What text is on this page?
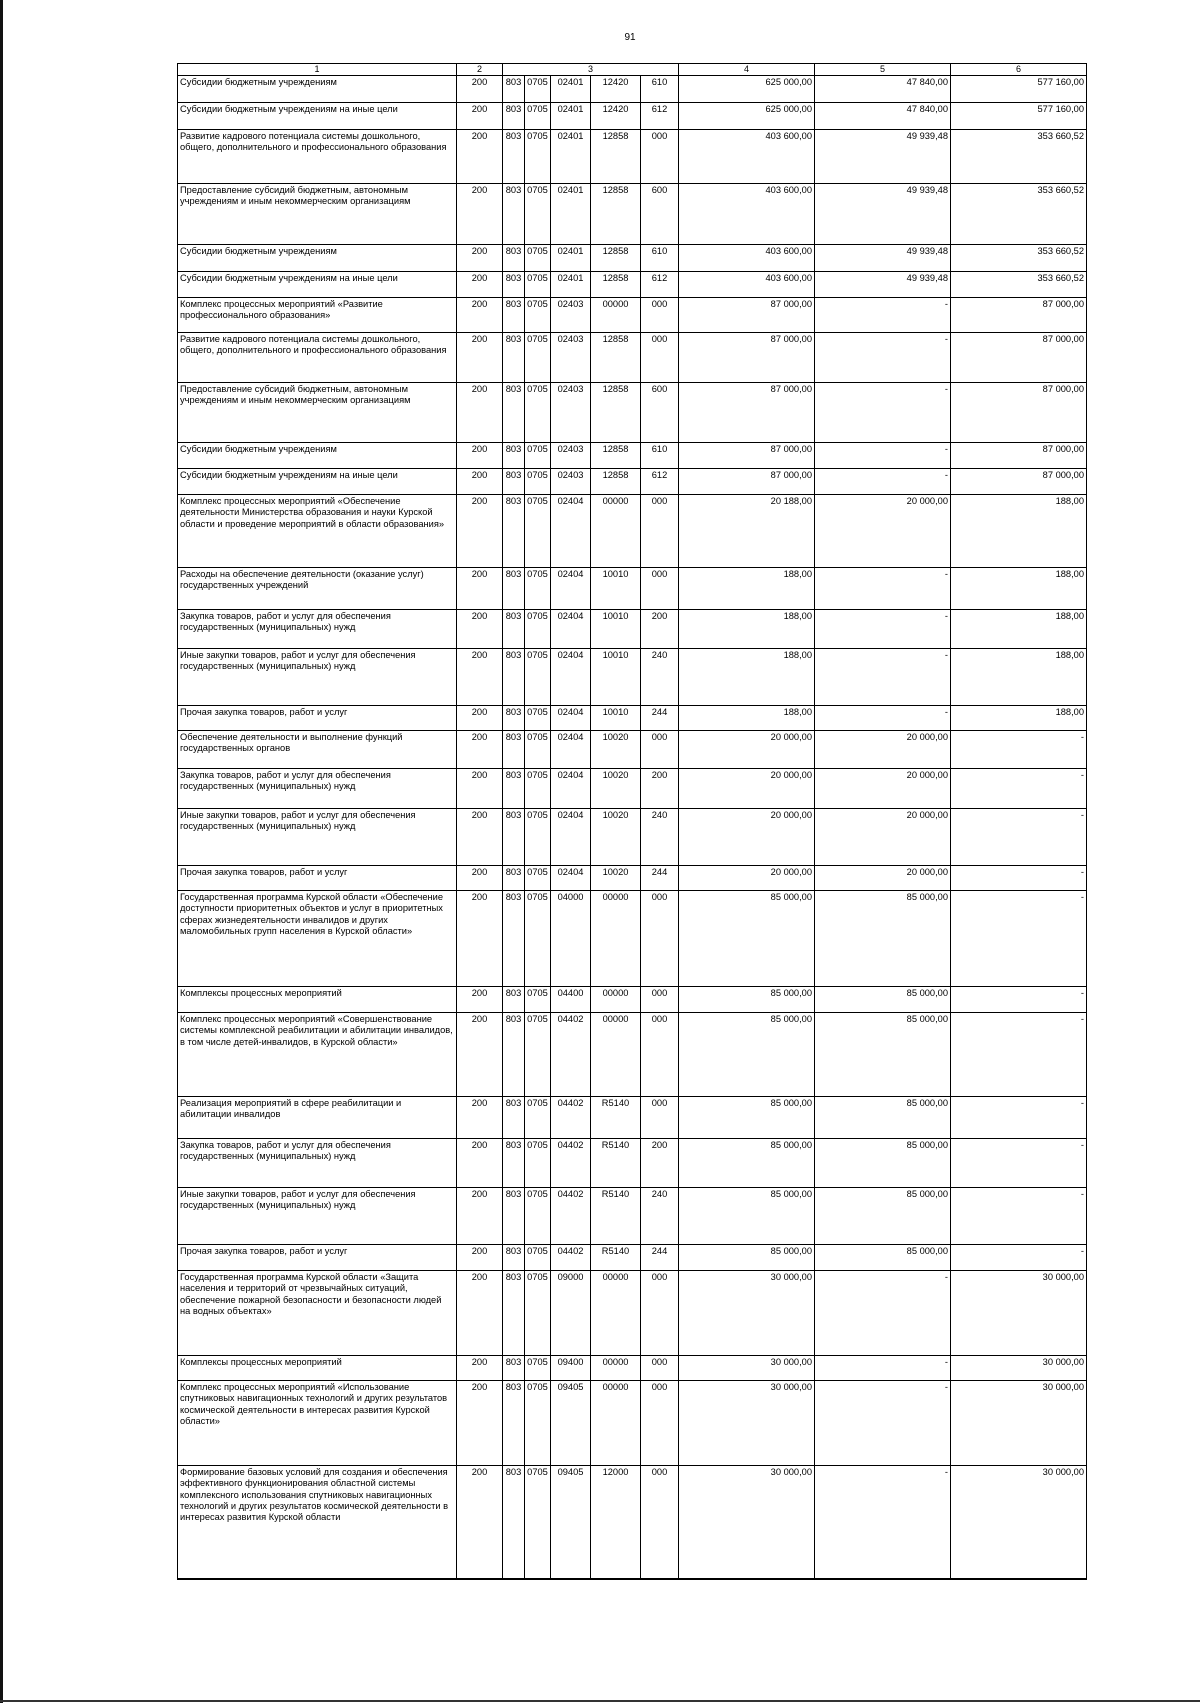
91
1	2	3					4	5	6
Субсидии бюджетным учреждениям	200	803	0705	02401	12420	610	625 000,00	47 840,00	577 160,00
Субсидии бюджетным учреждениям на иные цели	200	803	0705	02401	12420	612	625 000,00	47 840,00	577 160,00
Развитие кадрового потенциала системы дошкольного, общего, дополнительного и профессионального образования	200	803	0705	02401	12858	000	403 600,00	49 939,48	353 660,52
Предоставление субсидий бюджетным, автономным учреждениям и иным некоммерческим организациям	200	803	0705	02401	12858	600	403 600,00	49 939,48	353 660,52
Субсидии бюджетным учреждениям	200	803	0705	02401	12858	610	403 600,00	49 939,48	353 660,52
Субсидии бюджетным учреждениям на иные цели	200	803	0705	02401	12858	612	403 600,00	49 939,48	353 660,52
Комплекс процессных мероприятий «Развитие профессионального образования»	200	803	0705	02403	00000	000	87 000,00	-	87 000,00
Развитие кадрового потенциала системы дошкольного, общего, дополнительного и профессионального образования	200	803	0705	02403	12858	000	87 000,00	-	87 000,00
Предоставление субсидий бюджетным, автономным учреждениям и иным некоммерческим организациям	200	803	0705	02403	12858	600	87 000,00	-	87 000,00
Субсидии бюджетным учреждениям	200	803	0705	02403	12858	610	87 000,00	-	87 000,00
Субсидии бюджетным учреждениям на иные цели	200	803	0705	02403	12858	612	87 000,00	-	87 000,00
Комплекс процессных мероприятий «Обеспечение деятельности Министерства образования и науки Курской области и проведение мероприятий в области образования»	200	803	0705	02404	00000	000	20 188,00	20 000,00	188,00
Расходы на обеспечение деятельности (оказание услуг) государственных учреждений	200	803	0705	02404	10010	000	188,00	-	188,00
Закупка товаров, работ и услуг для обеспечения государственных (муниципальных) нужд	200	803	0705	02404	10010	200	188,00	-	188,00
Иные закупки товаров, работ и услуг для обеспечения государственных (муниципальных) нужд	200	803	0705	02404	10010	240	188,00	-	188,00
Прочая закупка товаров, работ и услуг	200	803	0705	02404	10010	244	188,00	-	188,00
Обеспечение деятельности и выполнение функций государственных органов	200	803	0705	02404	10020	000	20 000,00	20 000,00	-
Закупка товаров, работ и услуг для обеспечения государственных (муниципальных) нужд	200	803	0705	02404	10020	200	20 000,00	20 000,00	-
Иные закупки товаров, работ и услуг для обеспечения государственных (муниципальных) нужд	200	803	0705	02404	10020	240	20 000,00	20 000,00	-
Прочая закупка товаров, работ и услуг	200	803	0705	02404	10020	244	20 000,00	20 000,00	-
Государственная программа Курской области «Обеспечение доступности приоритетных объектов и услуг в приоритетных сферах жизнедеятельности инвалидов и других маломобильных групп населения в Курской области»	200	803	0705	04000	00000	000	85 000,00	85 000,00	-
Комплексы процессных мероприятий	200	803	0705	04400	00000	000	85 000,00	85 000,00	-
Комплекс процессных мероприятий «Совершенствование системы комплексной реабилитации и абилитации инвалидов, в том числе детей-инвалидов, в Курской области»	200	803	0705	04402	00000	000	85 000,00	85 000,00	-
Реализация мероприятий в сфере реабилитации и абилитации инвалидов	200	803	0705	04402	R5140	000	85 000,00	85 000,00	-
Закупка товаров, работ и услуг для обеспечения государственных (муниципальных) нужд	200	803	0705	04402	R5140	200	85 000,00	85 000,00	-
Иные закупки товаров, работ и услуг для обеспечения государственных (муниципальных) нужд	200	803	0705	04402	R5140	240	85 000,00	85 000,00	-
Прочая закупка товаров, работ и услуг	200	803	0705	04402	R5140	244	85 000,00	85 000,00	-
Государственная программа Курской области «Защита населения и территорий от чрезвычайных ситуаций, обеспечение пожарной безопасности и безопасности людей на водных объектах»	200	803	0705	09000	00000	000	30 000,00	-	30 000,00
Комплексы процессных мероприятий	200	803	0705	09400	00000	000	30 000,00	-	30 000,00
Комплекс процессных мероприятий «Использование спутниковых навигационных технологий и других результатов космической деятельности в интересах развития Курской области»	200	803	0705	09405	00000	000	30 000,00	-	30 000,00
Формирование базовых условий для создания и обеспечения эффективного функционирования областной системы комплексного использования спутниковых навигационных технологий и других результатов космической деятельности в интересах развития Курской области	200	803	0705	09405	12000	000	30 000,00	-	30 000,00
